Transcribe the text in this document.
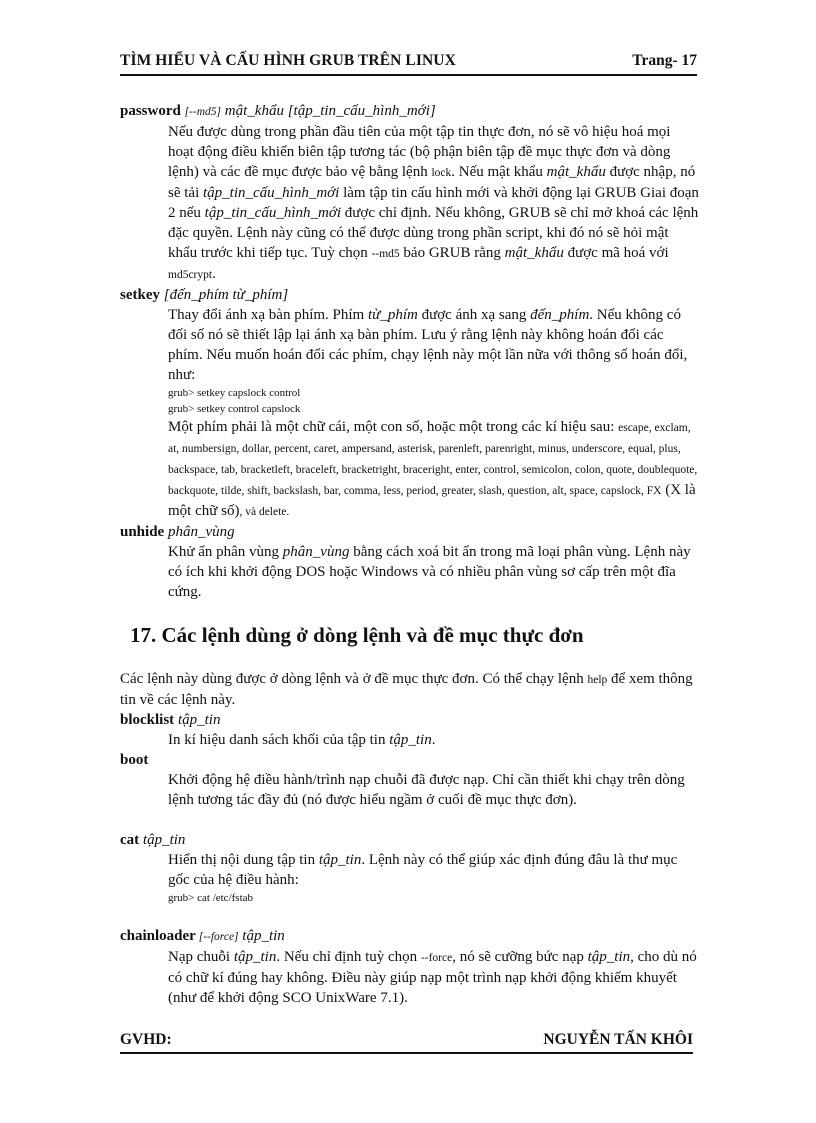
TÌM HIỂU VÀ CẤU HÌNH GRUB TRÊN LINUX	Trang- 17

password [--md5] mật_khẩu [tập_tin_cấu_hình_mới]

Nếu được dùng trong phần đầu tiên của một tập tin thực đơn, nó sẽ vô hiệu hoá mọi hoạt động điều khiển biên tập tương tác (bộ phận biên tập đề mục thực đơn và dòng lệnh) và các đề mục được bảo vệ bằng lệnh lock. Nếu mật khẩu mật_khẩu được nhập, nó sẽ tải tập_tin_cấu_hình_mới làm tập tin cấu hình mới và khởi động lại GRUB Giai đoạn 2 nếu tập_tin_cấu_hình_mới được chỉ định. Nếu không, GRUB sẽ chỉ mở khoá các lệnh đặc quyền. Lệnh này cũng có thể được dùng trong phần script, khi đó nó sẽ hỏi mật khẩu trước khi tiếp tục. Tuỳ chọn --md5 bảo GRUB rằng mật_khẩu được mã hoá với md5crypt.

setkey [đến_phím từ_phím]

Thay đổi ánh xạ bàn phím. Phím từ_phím được ánh xạ sang đến_phím. Nếu không có đối số nó sẽ thiết lập lại ánh xạ bàn phím. Lưu ý rằng lệnh này không hoán đổi các phím. Nếu muốn hoán đổi các phím, chạy lệnh này một lần nữa với thông số hoán đổi, như:

grub> setkey capslock control

grub> setkey control capslock

Một phím phải là một chữ cái, một con số, hoặc một trong các kí hiệu sau: escape, exclam, at, numbersign, dollar, percent, caret, ampersand, asterisk, parenleft, parenright, minus, underscore, equal, plus, backspace, tab, bracketleft, braceleft, bracketright, braceright, enter, control, semicolon, colon, quote, doublequote, backquote, tilde, shift, backslash, bar, comma, less, period, greater, slash, question, alt, space, capslock, FX (X là một chữ số), và delete.

unhide phân_vùng

Khử ẩn phân vùng phân_vùng bằng cách xoá bit ẩn trong mã loại phân vùng. Lệnh này có ích khi khởi động DOS hoặc Windows và có nhiều phân vùng sơ cấp trên một đĩa cứng.

17. Các lệnh dùng ở dòng lệnh và đề mục thực đơn

Các lệnh này dùng được ở dòng lệnh và ở đề mục thực đơn. Có thể chạy lệnh help để xem thông tin về các lệnh này.

blocklist tập_tin

In kí hiệu danh sách khối của tập tin tập_tin.

boot

Khởi động hệ điều hành/trình nạp chuỗi đã được nạp. Chỉ cần thiết khi chạy trên dòng lệnh tương tác đầy đủ (nó được hiểu ngầm ở cuối đề mục thực đơn).

cat tập_tin

Hiển thị nội dung tập tin tập_tin. Lệnh này có thể giúp xác định đúng đâu là thư mục gốc của hệ điều hành:

grub> cat /etc/fstab

chainloader [--force] tập_tin

Nạp chuỗi tập_tin. Nếu chỉ định tuỳ chọn --force, nó sẽ cưỡng bức nạp tập_tin, cho dù nó có chữ kí đúng hay không. Điều này giúp nạp một trình nạp khởi động khiếm khuyết (như để khởi động SCO UnixWare 7.1).

GVHD:	NGUYỄN TẤN KHÔI
